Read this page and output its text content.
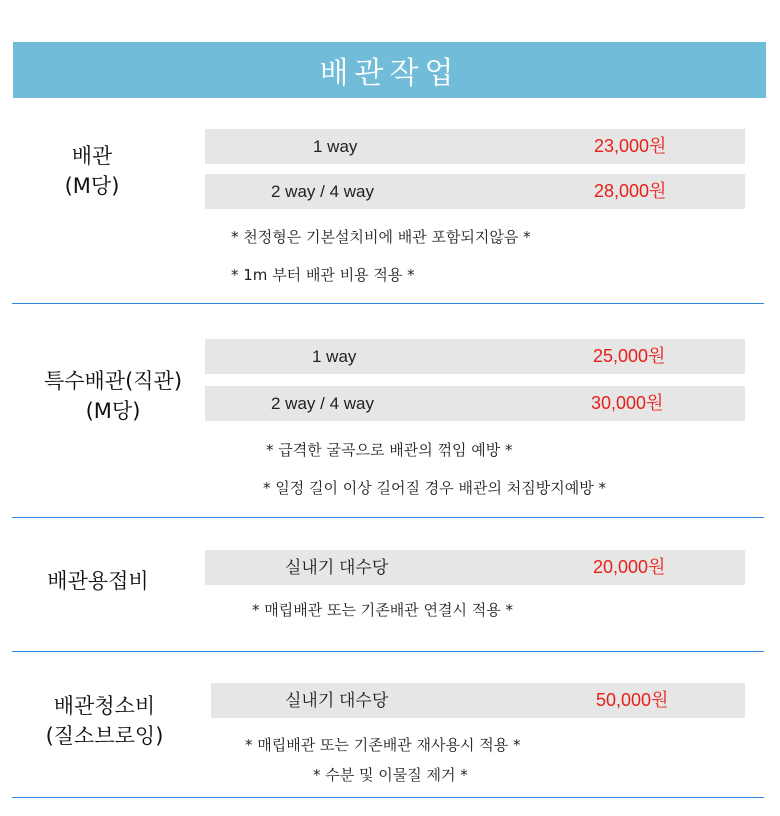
배관작업
배관
(M당)
1 way	23,000원
2 way / 4 way	28,000원
* 천정형은 기본설치비에 배관 포함되지않음 *
* 1m 부터 배관 비용 적용 *
특수배관(직관)
(M당)
1 way	25,000원
2 way / 4 way	30,000원
* 급격한 굴곡으로 배관의 꺾임 예방 *
* 일정 길이 이상 길어질 경우 배관의 처짐방지예방 *
배관용접비
실내기 대수당	20,000원
* 매립배관 또는 기존배관 연결시 적용 *
배관청소비
(질소브로잉)
실내기 대수당	50,000원
* 매립배관 또는 기존배관 재사용시 적용 *
* 수분 및 이물질 제거 *
